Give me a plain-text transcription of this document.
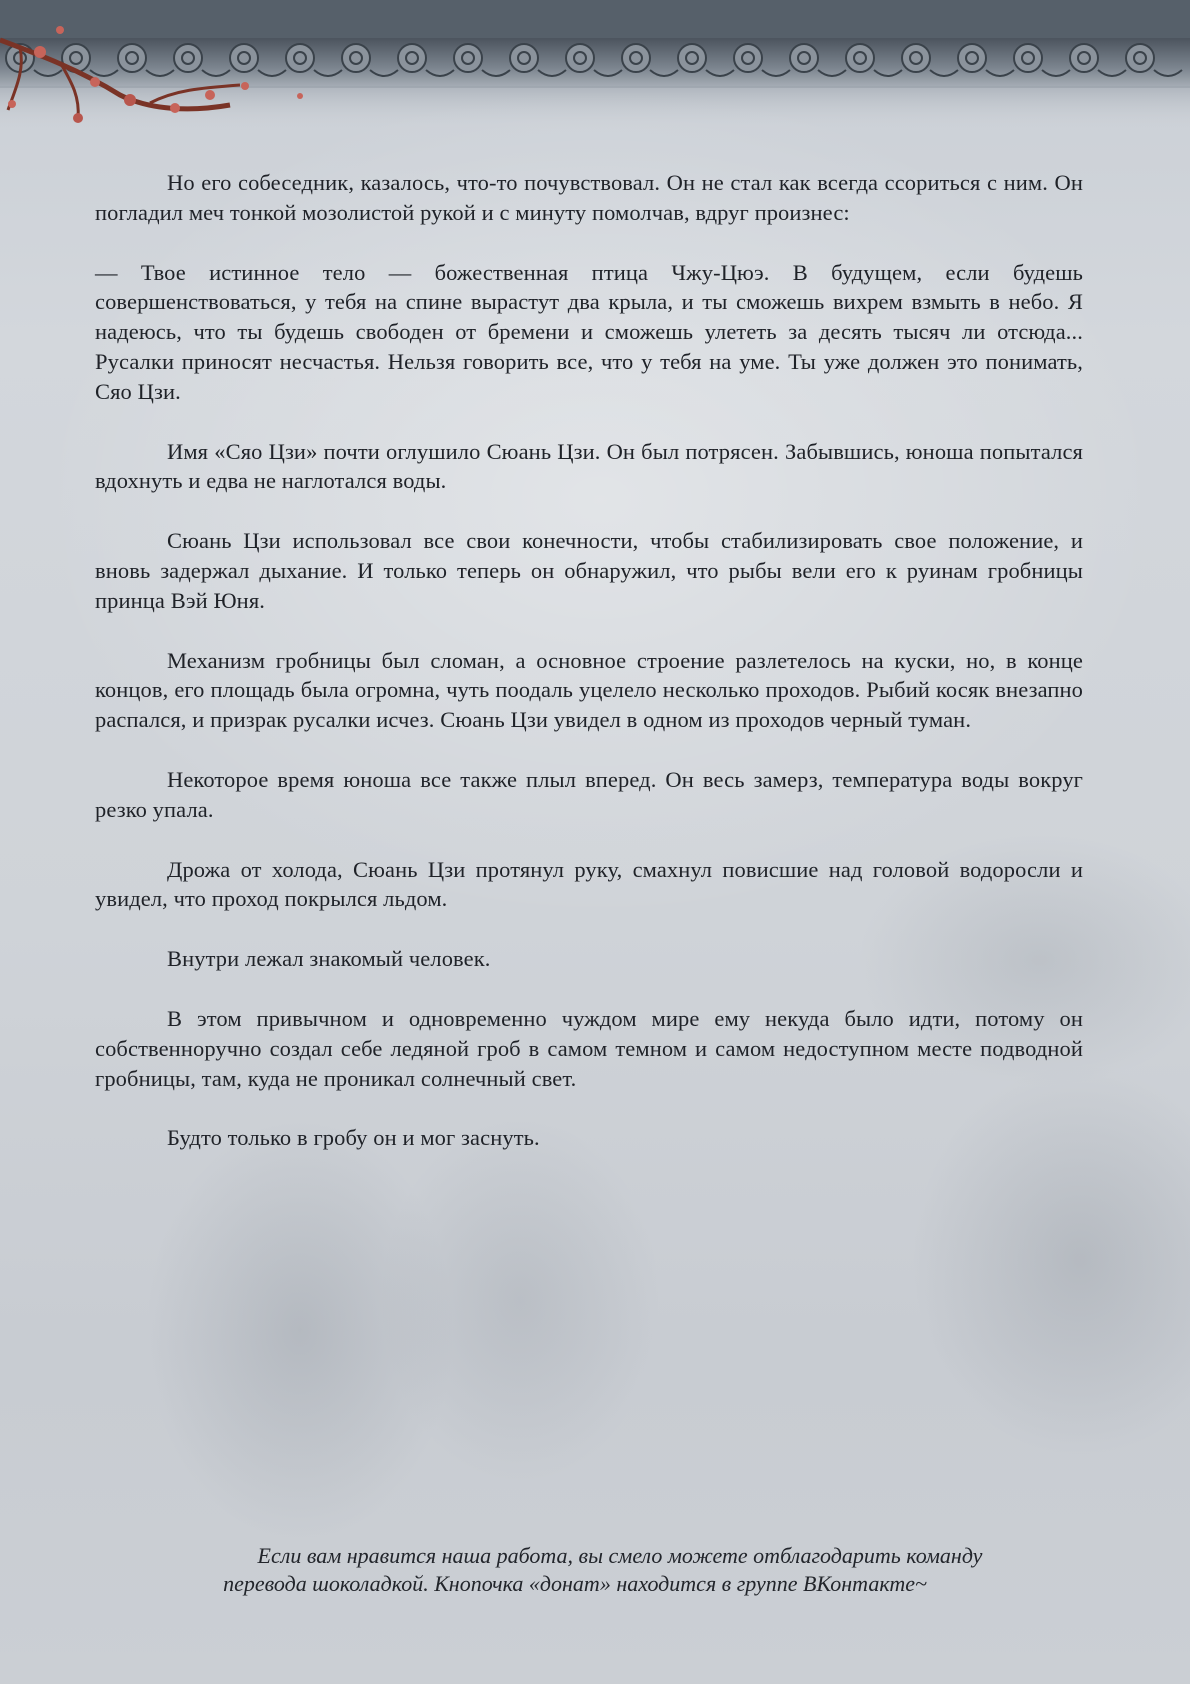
Но его собеседник, казалось, что-то почувствовал. Он не стал как всегда ссориться с ним. Он погладил меч тонкой мозолистой рукой и с минуту помолчав, вдруг произнес:

— Твое истинное тело — божественная птица Чжу-Цюэ. В будущем, если будешь совершенствоваться, у тебя на спине вырастут два крыла, и ты сможешь вихрем взмыть в небо. Я надеюсь, что ты будешь свободен от бремени и сможешь улететь за десять тысяч ли отсюда... Русалки приносят несчастья. Нельзя говорить все, что у тебя на уме. Ты уже должен это понимать, Сяо Цзи.

Имя «Сяо Цзи» почти оглушило Сюань Цзи. Он был потрясен. Забывшись, юноша попытался вдохнуть и едва не наглотался воды.

Сюань Цзи использовал все свои конечности, чтобы стабилизировать свое положение, и вновь задержал дыхание. И только теперь он обнаружил, что рыбы вели его к руинам гробницы принца Вэй Юня.

Механизм гробницы был сломан, а основное строение разлетелось на куски, но, в конце концов, его площадь была огромна, чуть поодаль уцелело несколько проходов. Рыбий косяк внезапно распался, и призрак русалки исчез. Сюань Цзи увидел в одном из проходов черный туман.

Некоторое время юноша все также плыл вперед. Он весь замерз, температура воды вокруг резко упала.

Дрожа от холода, Сюань Цзи протянул руку, смахнул повисшие над головой водоросли и увидел, что проход покрылся льдом.

Внутри лежал знакомый человек.

В этом привычном и одновременно чуждом мире ему некуда было идти, потому он собственноручно создал себе ледяной гроб в самом темном и самом недоступном месте подводной гробницы, там, куда не проникал солнечный свет.

Будто только в гробу он и мог заснуть.

Если вам нравится наша работа, вы смело можете отблагодарить команду
перевода шоколадкой. Кнопочка «донат» находится в группе ВКонтакте~
